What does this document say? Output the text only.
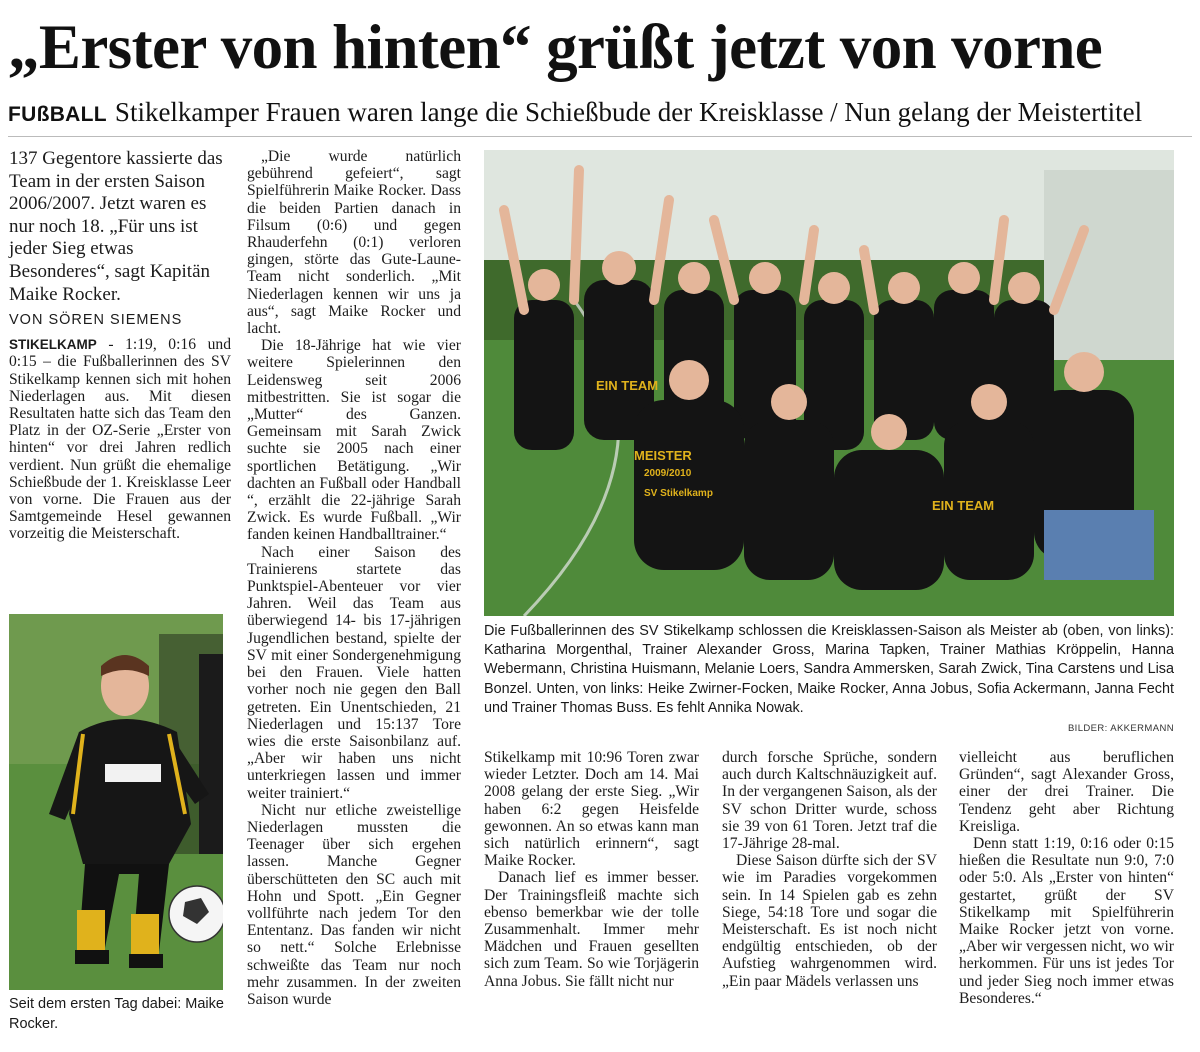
„Erster von hinten“ grüßt jetzt von vorne
FUßBALL Stikelkamper Frauen waren lange die Schießbude der Kreisklasse / Nun gelang der Meistertitel

137 Gegentore kassierte das Team in der ersten Saison 2006/2007. Jetzt waren es nur noch 18. „Für uns ist jeder Sieg etwas Besonderes“, sagt Kapitän Maike Rocker.

VON SÖREN SIEMENS

STIKELKAMP - 1:19, 0:16 und 0:15 – die Fußballerinnen des SV Stikelkamp kennen sich mit hohen Niederlagen aus. Mit diesen Resultaten hatte sich das Team den Platz in der OZ-Serie „Erster von hinten“ vor drei Jahren redlich verdient. Nun grüßt die ehemalige Schießbude der 1. Kreisklasse Leer von vorne. Die Frauen aus der Samtgemeinde Hesel gewannen vorzeitig die Meisterschaft.

Seit dem ersten Tag dabei: Maike Rocker.

„Die wurde natürlich gebührend gefeiert“, sagt Spielführerin Maike Rocker. Dass die beiden Partien danach in Filsum (0:6) und gegen Rhauderfehn (0:1) verloren gingen, störte das Gute-Laune-Team nicht sonderlich. „Mit Niederlagen kennen wir uns ja aus“, sagt Maike Rocker und lacht.

Die 18-Jährige hat wie vier weitere Spielerinnen den Leidensweg seit 2006 mitbestritten. Sie ist sogar die „Mutter“ des Ganzen. Gemeinsam mit Sarah Zwick suchte sie 2005 nach einer sportlichen Betätigung. „Wir dachten an Fußball oder Handball “, erzählt die 22-jährige Sarah Zwick. Es wurde Fußball. „Wir fanden keinen Handballtrainer.“

Nach einer Saison des Trainierens startete das Punktspiel-Abenteuer vor vier Jahren. Weil das Team aus überwiegend 14- bis 17-jährigen Jugendlichen bestand, spielte der SV mit einer Sondergenehmigung bei den Frauen. Viele hatten vorher noch nie gegen den Ball getreten. Ein Unentschieden, 21 Niederlagen und 15:137 Tore wies die erste Saisonbilanz auf. „Aber wir haben uns nicht unterkriegen lassen und immer weiter trainiert.“

Nicht nur etliche zweistellige Niederlagen mussten die Teenager über sich ergehen lassen. Manche Gegner überschütteten den SC auch mit Hohn und Spott. „Ein Gegner vollführte nach jedem Tor den Ententanz. Das fanden wir nicht so nett.“ Solche Erlebnisse schweißte das Team nur noch mehr zusammen. In der zweiten Saison wurde

MEISTER
2009/2010
SV Stikelkamp
EIN TEAM
EIN TEAM
Die Fußballerinnen des SV Stikelkamp schlossen die Kreisklassen-Saison als Meister ab (oben, von links): Katharina Morgenthal, Trainer Alexander Gross, Marina Tapken, Trainer Mathias Kröppelin, Hanna Webermann, Christina Huismann, Melanie Loers, Sandra Ammersken, Sarah Zwick, Tina Carstens und Lisa Bonzel. Unten, von links: Heike Zwirner-Focken, Maike Rocker, Anna Jobus, Sofia Ackermann, Janna Fecht und Trainer Thomas Buss. Es fehlt Annika Nowak.
BILDER: AKKERMANN

Stikelkamp mit 10:96 Toren zwar wieder Letzter. Doch am 14. Mai 2008 gelang der erste Sieg. „Wir haben 6:2 gegen Heisfelde gewonnen. An so etwas kann man sich natürlich erinnern“, sagt Maike Rocker.

Danach lief es immer besser. Der Trainingsfleiß machte sich ebenso bemerkbar wie der tolle Zusammenhalt. Immer mehr Mädchen und Frauen gesellten sich zum Team. So wie Torjägerin Anna Jobus. Sie fällt nicht nur

durch forsche Sprüche, sondern auch durch Kaltschnäuzigkeit auf. In der vergangenen Saison, als der SV schon Dritter wurde, schoss sie 39 von 61 Toren. Jetzt traf die 17-Jährige 28-mal.

Diese Saison dürfte sich der SV wie im Paradies vorgekommen sein. In 14 Spielen gab es zehn Siege, 54:18 Tore und sogar die Meisterschaft. Es ist noch nicht endgültig entschieden, ob der Aufstieg wahrgenommen wird. „Ein paar Mädels verlassen uns

vielleicht aus beruflichen Gründen“, sagt Alexander Gross, einer der drei Trainer. Die Tendenz geht aber Richtung Kreisliga.

Denn statt 1:19, 0:16 oder 0:15 hießen die Resultate nun 9:0, 7:0 oder 5:0. Als „Erster von hinten“ gestartet, grüßt der SV Stikelkamp mit Spielführerin Maike Rocker jetzt von vorne. „Aber wir vergessen nicht, wo wir herkommen. Für uns ist jedes Tor und jeder Sieg noch immer etwas Besonderes.“
